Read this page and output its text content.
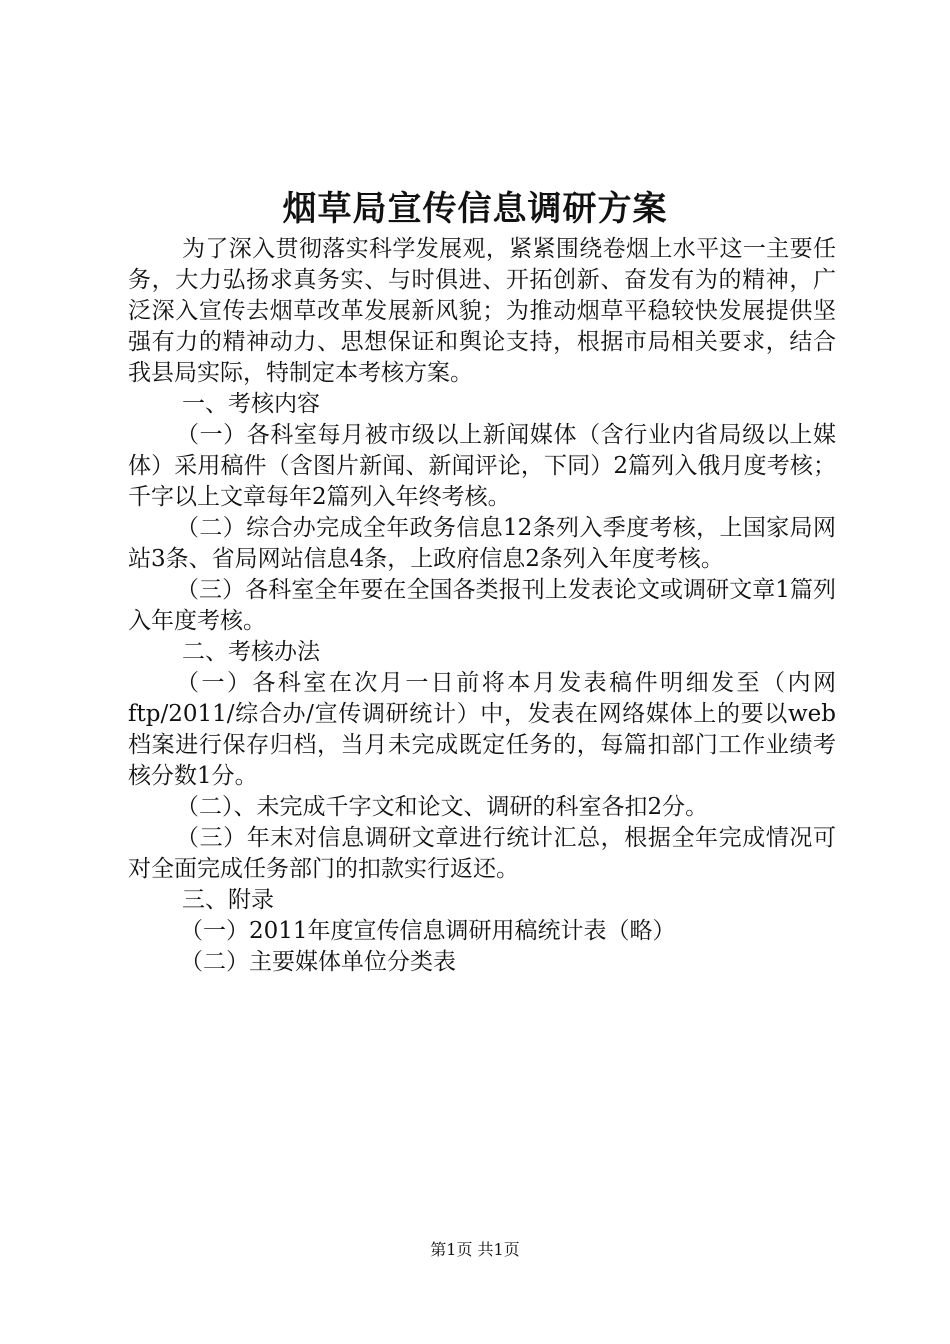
烟草局宣传信息调研方案

为了深入贯彻落实科学发展观，紧紧围绕卷烟上水平这一主要任务，大力弘扬求真务实、与时俱进、开拓创新、奋发有为的精神，广泛深入宣传去烟草改革发展新风貌；为推动烟草平稳较快发展提供坚强有力的精神动力、思想保证和舆论支持，根据市局相关要求，结合我县局实际，特制定本考核方案。

一、考核内容

（一）各科室每月被市级以上新闻媒体（含行业内省局级以上媒体）采用稿件（含图片新闻、新闻评论，下同）2篇列入俄月度考核；千字以上文章每年2篇列入年终考核。

（二）综合办完成全年政务信息12条列入季度考核，上国家局网站3条、省局网站信息4条，上政府信息2条列入年度考核。

（三）各科室全年要在全国各类报刊上发表论文或调研文章1篇列入年度考核。

二、考核办法

（一）各科室在次月一日前将本月发表稿件明细发至（内网ftp/2011/综合办/宣传调研统计）中，发表在网络媒体上的要以web档案进行保存归档，当月未完成既定任务的，每篇扣部门工作业绩考核分数1分。

（二）、未完成千字文和论文、调研的科室各扣2分。

（三）年末对信息调研文章进行统计汇总，根据全年完成情况可对全面完成任务部门的扣款实行返还。

三、附录

（一）2011年度宣传信息调研用稿统计表（略）

（二）主要媒体单位分类表

第1页 共1页
